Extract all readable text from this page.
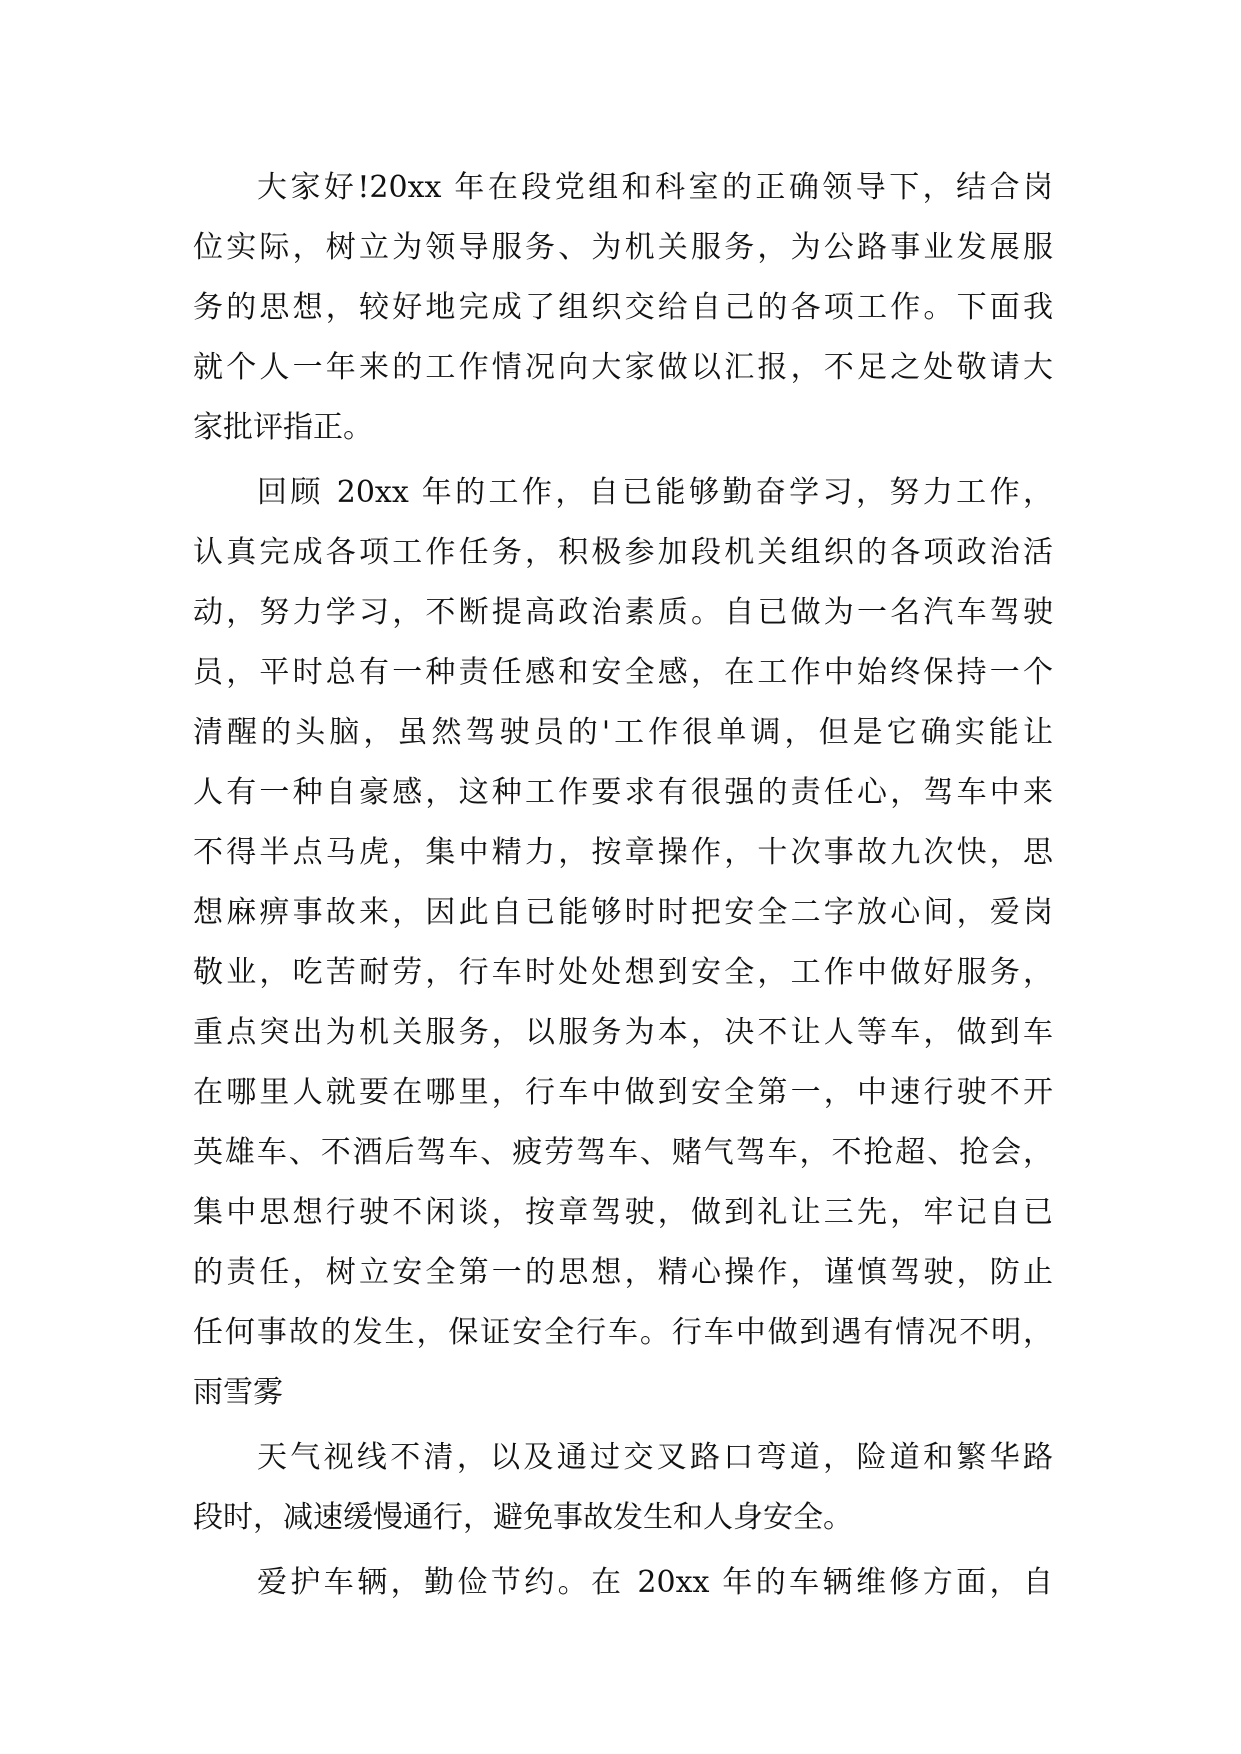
大家好!20xx 年在段党组和科室的正确领导下，结合岗
位实际，树立为领导服务、为机关服务，为公路事业发展服
务的思想，较好地完成了组织交给自己的各项工作。下面我
就个人一年来的工作情况向大家做以汇报，不足之处敬请大
家批评指正。
回顾 20xx 年的工作，自已能够勤奋学习，努力工作，
认真完成各项工作任务，积极参加段机关组织的各项政治活
动，努力学习，不断提高政治素质。自已做为一名汽车驾驶
员，平时总有一种责任感和安全感，在工作中始终保持一个
清醒的头脑，虽然驾驶员的'工作很单调，但是它确实能让
人有一种自豪感，这种工作要求有很强的责任心，驾车中来
不得半点马虎，集中精力，按章操作，十次事故九次快，思
想麻痹事故来，因此自已能够时时把安全二字放心间，爱岗
敬业，吃苦耐劳，行车时处处想到安全，工作中做好服务，
重点突出为机关服务，以服务为本，决不让人等车，做到车
在哪里人就要在哪里，行车中做到安全第一，中速行驶不开
英雄车、不酒后驾车、疲劳驾车、赌气驾车，不抢超、抢会，
集中思想行驶不闲谈，按章驾驶，做到礼让三先，牢记自已
的责任，树立安全第一的思想，精心操作，谨慎驾驶，防止
任何事故的发生，保证安全行车。行车中做到遇有情况不明，
雨雪雾
天气视线不清，以及通过交叉路口弯道，险道和繁华路
段时，减速缓慢通行，避免事故发生和人身安全。
爱护车辆，勤俭节约。在 20xx 年的车辆维修方面，自
